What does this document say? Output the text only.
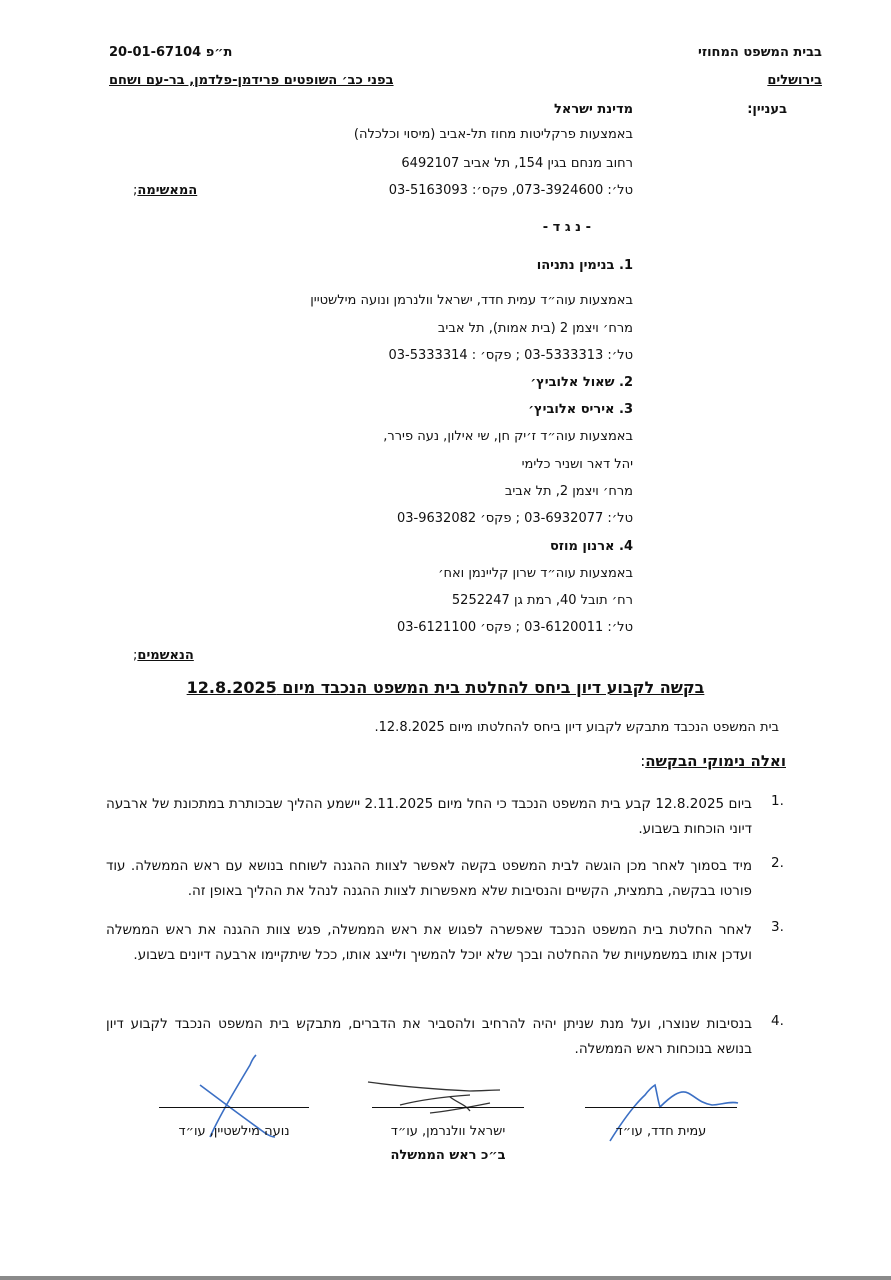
בבית המשפט המחוזי
בירושלים
ת״פ 20-01-67104
בפני כב׳ השופטים פרידמן-פלדמן, בר-עם ושחם
בעניין:
מדינת ישראל
באמצעות פרקליטות מחוז תל-אביב (מיסוי וכלכלה)
רחוב מנחם בגין 154, תל אביב 6492107
טל׳: 073-3924600, פקס׳: 03-5163093
המאשימה;
- נ ג ד -
1. בנימין נתניהו
באמצעות עוה״ד עמית חדד, ישראל וולנרמן ונועה מילשטיין
מרח׳ ויצמן 2 (בית אמות), תל אביב
טל׳: 03-5333313 ; פקס׳ : 03-5333314
2. שאול אלוביץ׳
3. איריס אלוביץ׳
באמצעות עוה״ד ז׳יק חן, שי אילון, נעה פירר,
יהל דאר ושניר כלימי
מרח׳ ויצמן 2, תל אביב
טל׳: 03-6932077 ; פקס׳ 03-9632082
4. ארנון מוזס
באמצעות עוה״ד שרון קליינמן ואח׳
רח׳ תובל 40, רמת גן 5252247
טל׳: 03-6120011 ; פקס׳ 03-6121100
הנאשמים;
בקשה לקבוע דיון ביחס להחלטת בית המשפט הנכבד מיום 12.8.2025
בית המשפט הנכבד מתבקש לקבוע דיון ביחס להחלטתו מיום 12.8.2025.
ואלה נימוקי הבקשה:
1.
ביום 12.8.2025 קבע בית המשפט הנכבד כי החל מיום 2.11.2025 יישמע ההליך שבכותרת במתכונת של ארבעה דיוני הוכחות בשבוע.
2.
מיד בסמוך לאחר מכן הוגשה לבית המשפט בקשה לאפשר לצוות ההגנה לשוחח בנושא עם ראש הממשלה. עוד פורטו בבקשה, בתמצית, הקשיים והנסיבות שלא מאפשרות לצוות ההגנה לנהל את ההליך באופן זה.
3.
לאחר החלטת בית המשפט הנכבד שאפשרה לפגוש את ראש הממשלה, פגש צוות ההגנה את ראש הממשלה ועדכן אותו במשמעויות של ההחלטה ובכך שלא יוכל להמשיך ולייצג אותו, ככל שיתקיימו ארבעה דיונים בשבוע.
4.
בנסיבות שנוצרו, ועל מנת שניתן יהיה להרחיב ולהסביר את הדברים, מתבקש בית המשפט הנכבד לקבוע דיון בנושא בנוכחות ראש הממשלה.
עמית חדד, עו״ד
ישראל וולנרמן, עו״ד
נועה מילשטיין, עו״ד
ב״כ ראש הממשלה
